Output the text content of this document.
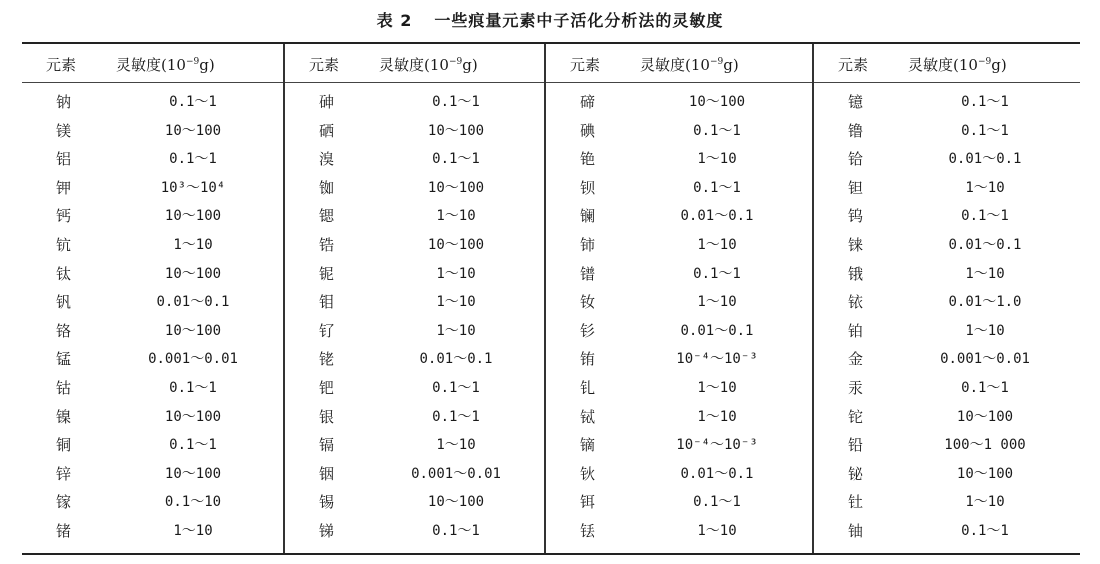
表 2 一些痕量元素中子活化分析法的灵敏度
元素	灵敏度$(10^{-9}g)$
钠	0.1～1
镁	10～100
铝	0.1～1
钾	10³～10⁴
钙	10～100
钪	1～10
钛	10～100
钒	0.01～0.1
铬	10～100
锰	0.001～0.01
钴	0.1～1
镍	10～100
铜	0.1～1
锌	10～100
镓	0.1～10
锗	1～10
元素	灵敏度$(10^{-9}g)$
砷	0.1～1
硒	10～100
溴	0.1～1
铷	10～100
锶	1～10
锆	10～100
铌	1～10
钼	1～10
钌	1～10
铑	0.01～0.1
钯	0.1～1
银	0.1～1
镉	1～10
铟	0.001～0.01
锡	10～100
锑	0.1～1
元素	灵敏度$(10^{-9}g)$
碲	10～100
碘	0.1～1
铯	1～10
钡	0.1～1
镧	0.01～0.1
铈	1～10
镨	0.1～1
钕	1～10
钐	0.01～0.1
铕	10⁻⁴～10⁻³
钆	1～10
铽	1～10
镝	10⁻⁴～10⁻³
钬	0.01～0.1
铒	0.1～1
铥	1～10
元素	灵敏度$(10^{-9}g)$
镱	0.1～1
镥	0.1～1
铪	0.01～0.1
钽	1～10
钨	0.1～1
铼	0.01～0.1
锇	1～10
铱	0.01～1.0
铂	1～10
金	0.001～0.01
汞	0.1～1
铊	10～100
铅	100～1 000
铋	10～100
钍	1～10
铀	0.1～1
